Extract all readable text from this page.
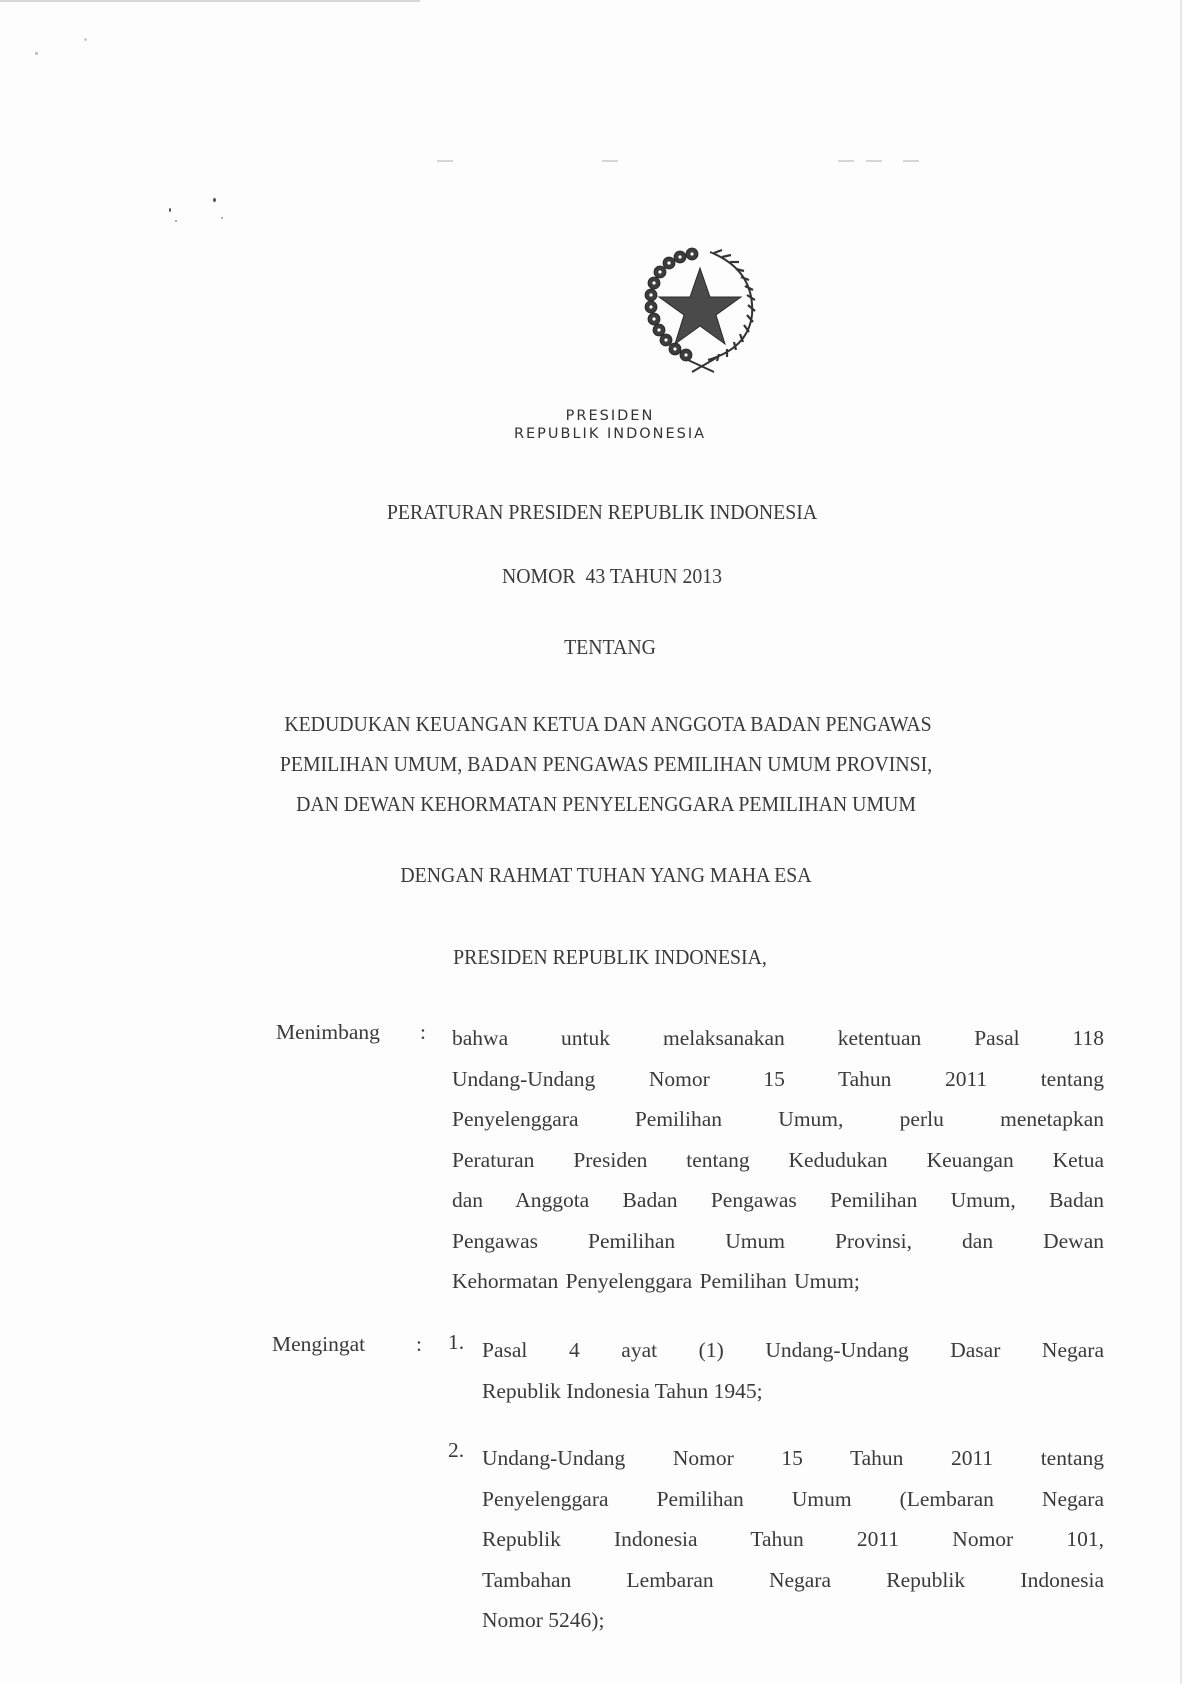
PRESIDEN
REPUBLIK INDONESIA
PERATURAN PRESIDEN REPUBLIK INDONESIA
NOMOR  43 TAHUN 2013
TENTANG
KEDUDUKAN KEUANGAN KETUA DAN ANGGOTA BADAN PENGAWAS
PEMILIHAN UMUM, BADAN PENGAWAS PEMILIHAN UMUM PROVINSI,
DAN DEWAN KEHORMATAN PENYELENGGARA PEMILIHAN UMUM
DENGAN RAHMAT TUHAN YANG MAHA ESA
PRESIDEN REPUBLIK INDONESIA,
Menimbang : bahwa untuk melaksanakan ketentuan Pasal 118
Undang-Undang Nomor 15 Tahun 2011 tentang
Penyelenggara Pemilihan Umum, perlu menetapkan
Peraturan Presiden tentang Kedudukan Keuangan Ketua
dan Anggota Badan Pengawas Pemilihan Umum, Badan
Pengawas Pemilihan Umum Provinsi, dan Dewan
Kehormatan Penyelenggara Pemilihan Umum;
Mengingat : 1. Pasal 4 ayat (1) Undang-Undang Dasar Negara
Republik Indonesia Tahun 1945;
2. Undang-Undang Nomor 15 Tahun 2011 tentang
Penyelenggara Pemilihan Umum (Lembaran Negara
Republik Indonesia Tahun 2011 Nomor 101,
Tambahan Lembaran Negara Republik Indonesia
Nomor 5246);
